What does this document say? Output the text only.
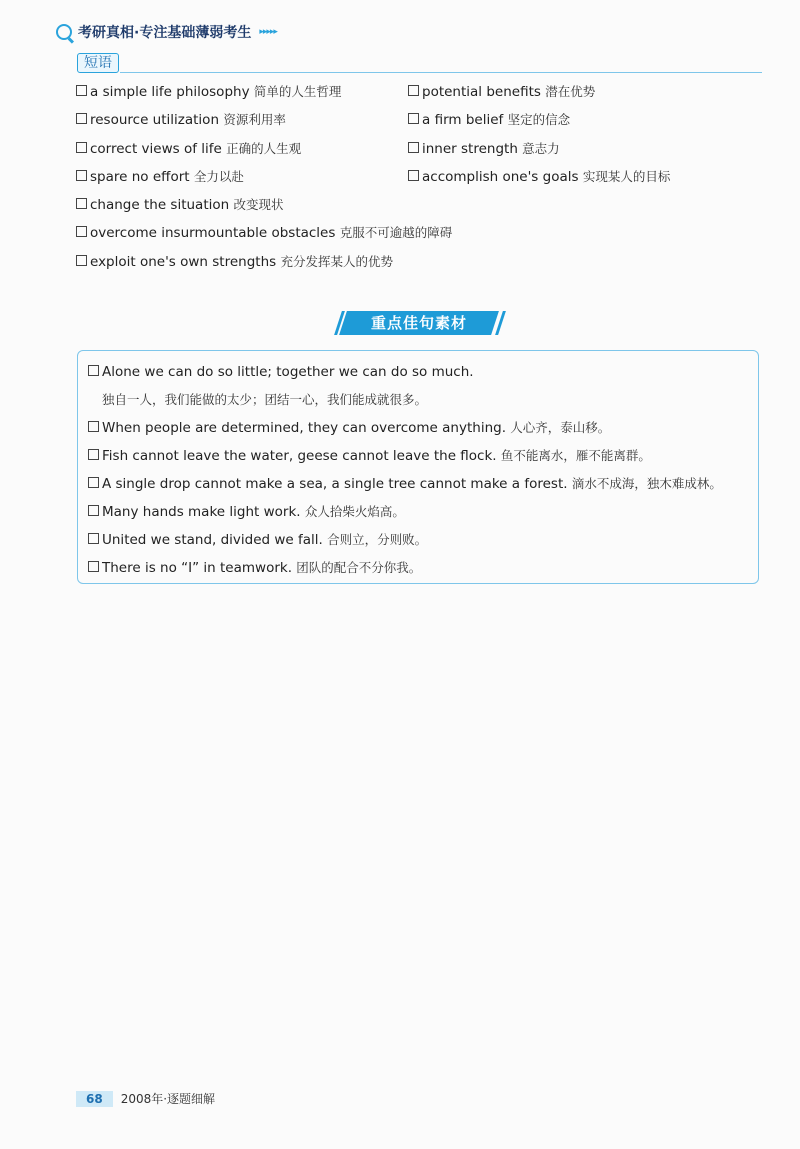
考研真相·专注基础薄弱考生 ▸▸▸▸▸
短语
a simple life philosophy 简单的人生哲理	potential benefits 潜在优势
resource utilization 资源利用率	a firm belief 坚定的信念
correct views of life 正确的人生观	inner strength 意志力
spare no effort 全力以赴	accomplish one's goals 实现某人的目标
change the situation 改变现状
overcome insurmountable obstacles 克服不可逾越的障碍
exploit one's own strengths 充分发挥某人的优势
重点佳句素材
Alone we can do so little; together we can do so much.
独自一人，我们能做的太少；团结一心，我们能成就很多。
When people are determined, they can overcome anything. 人心齐，泰山移。
Fish cannot leave the water, geese cannot leave the flock. 鱼不能离水，雁不能离群。
A single drop cannot make a sea, a single tree cannot make a forest. 滴水不成海，独木难成林。
Many hands make light work. 众人拾柴火焰高。
United we stand, divided we fall. 合则立，分则败。
There is no “I” in teamwork. 团队的配合不分你我。
68	2008年·逐题细解
